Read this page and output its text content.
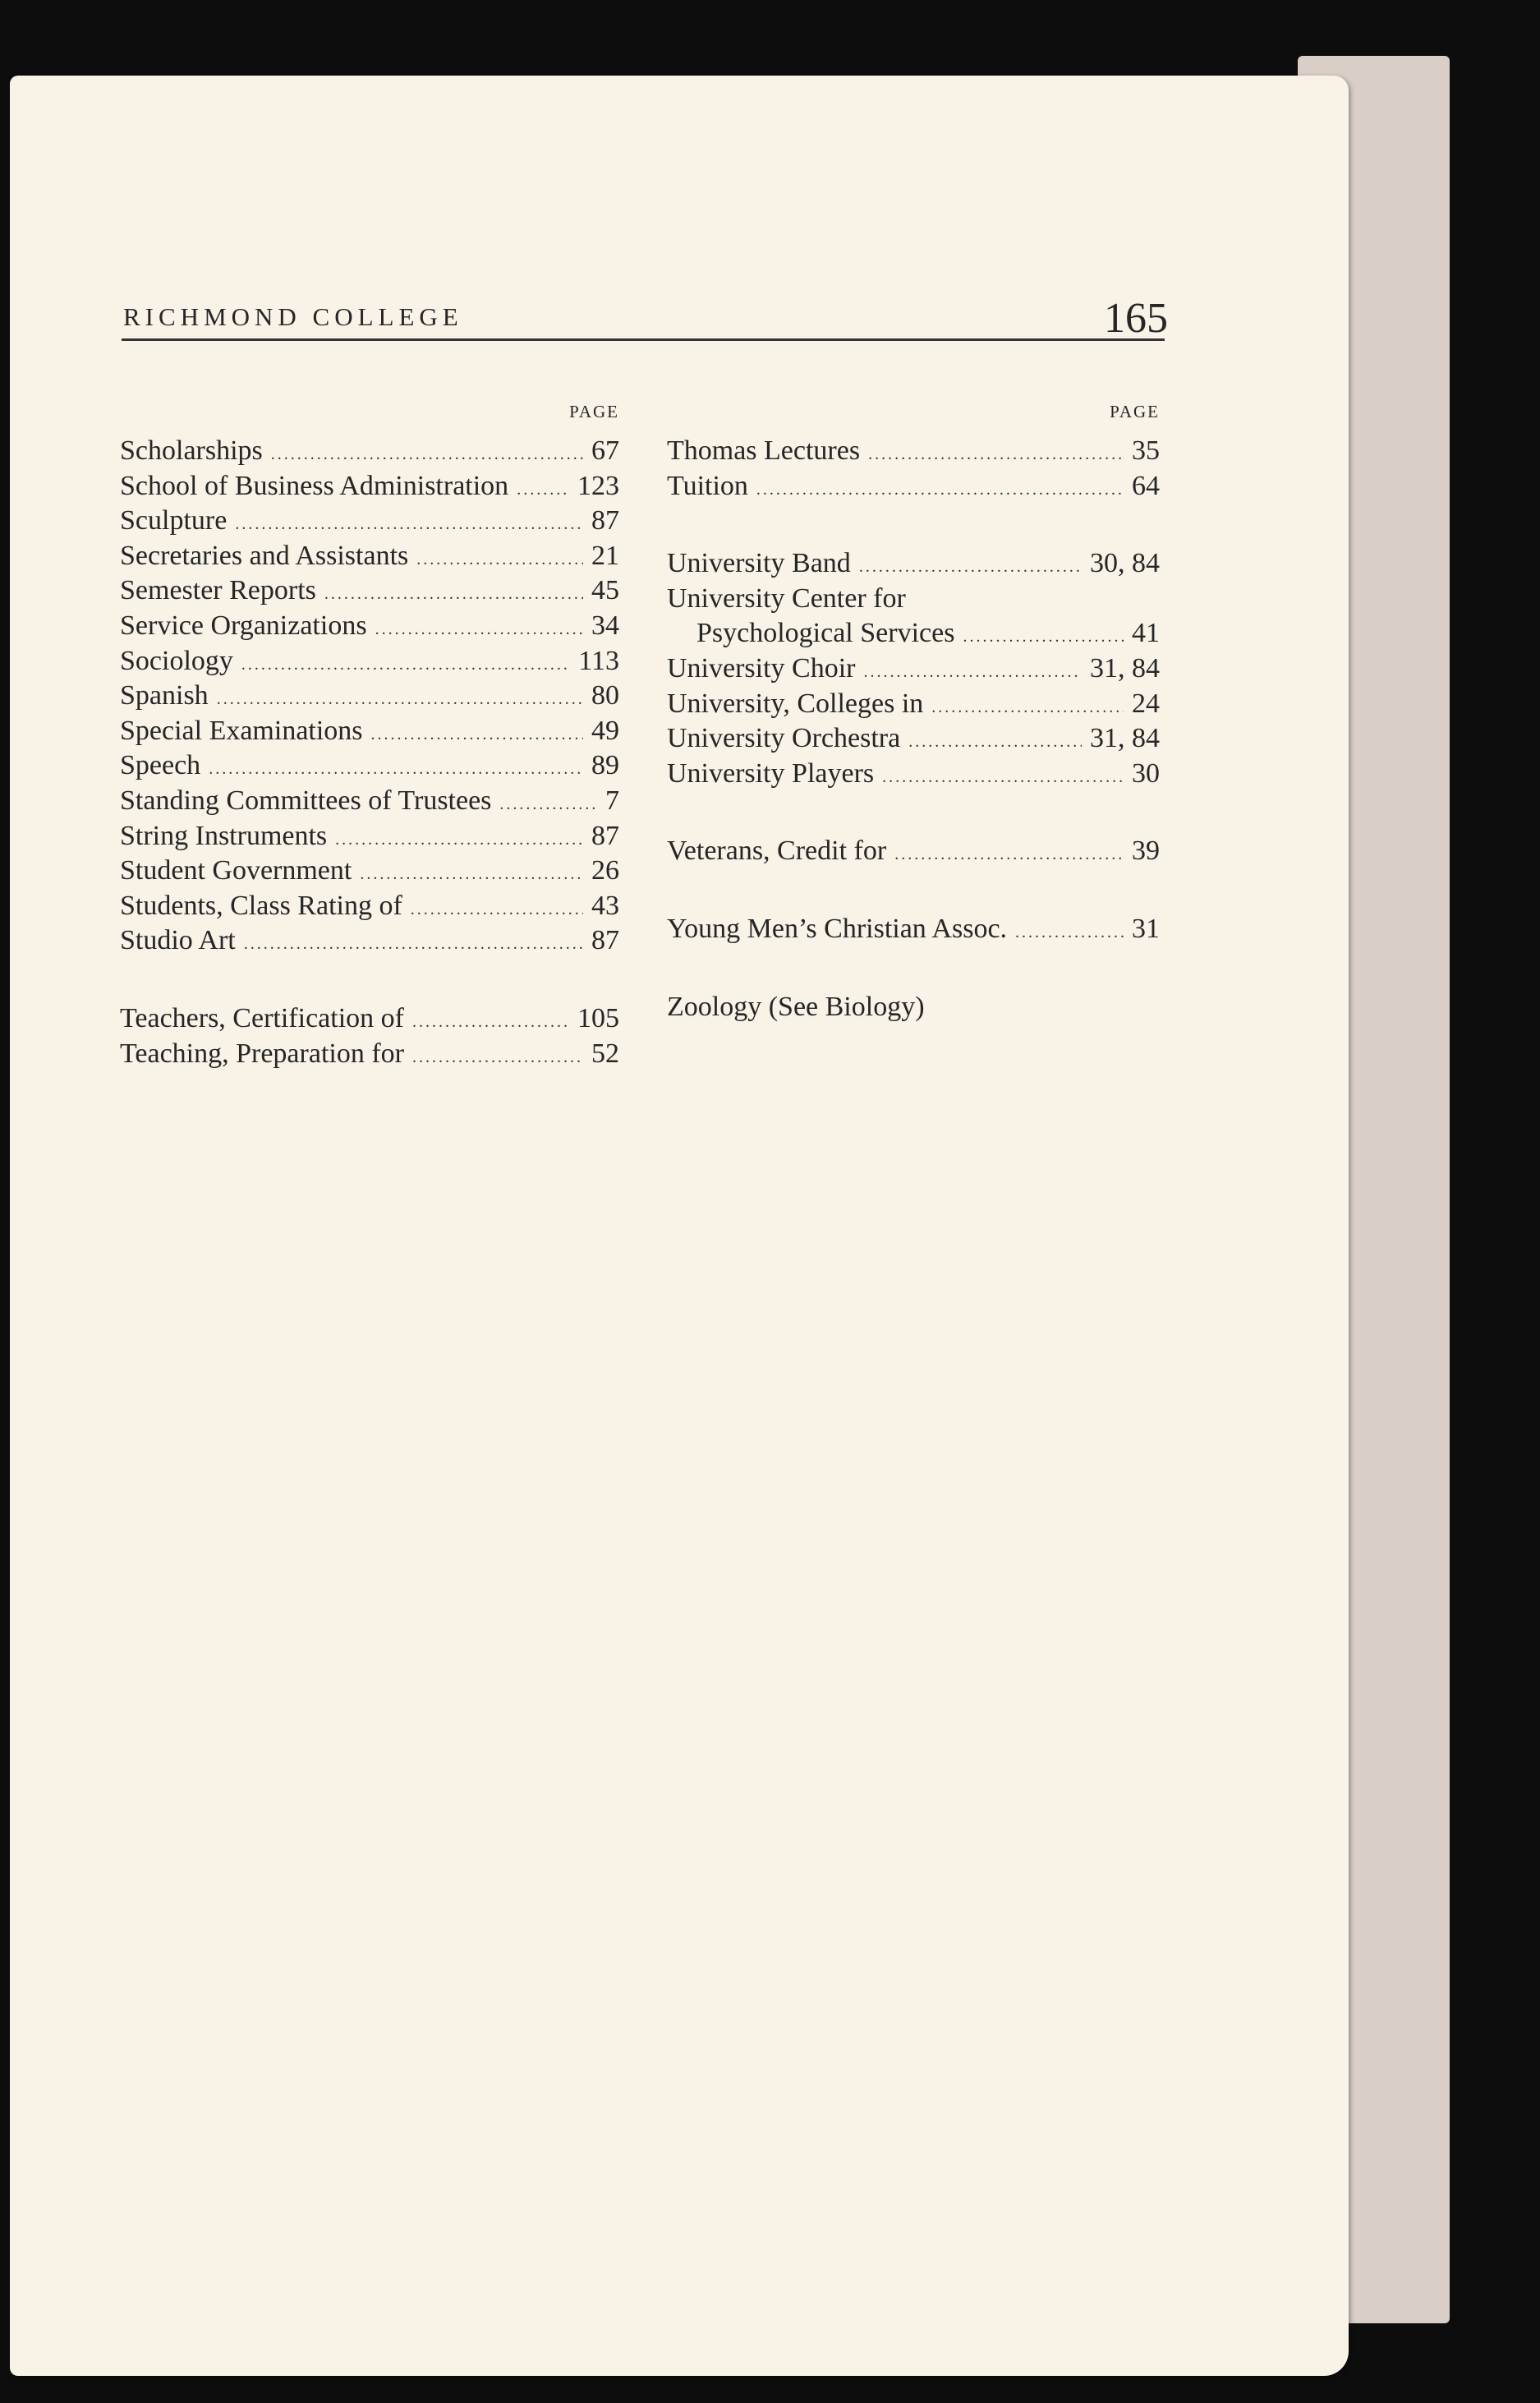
RICHMOND COLLEGE	165
PAGE
Scholarships .....	67
School of Business Administration ..... 123
Sculpture .....	87
Secretaries and Assistants .....	21
Semester Reports .....	45
Service Organizations .....	34
Sociology .....	113
Spanish .....	80
Special Examinations .....	49
Speech .....	89
Standing Committees of Trustees .....	7
String Instruments .....	87
Student Government .....	26
Students, Class Rating of .....	43
Studio Art .....	87
Teachers, Certification of .....	105
Teaching, Preparation for .....	52
PAGE
Thomas Lectures .....	35
Tuition .....	64
University Band .....	30, 84
University Center for
Psychological Services .....	41
University Choir .....	31, 84
University, Colleges in .....	24
University Orchestra .....	31, 84
University Players .....	30
Veterans, Credit for .....	39
Young Men’s Christian Assoc. .....	31
Zoology (See Biology)
